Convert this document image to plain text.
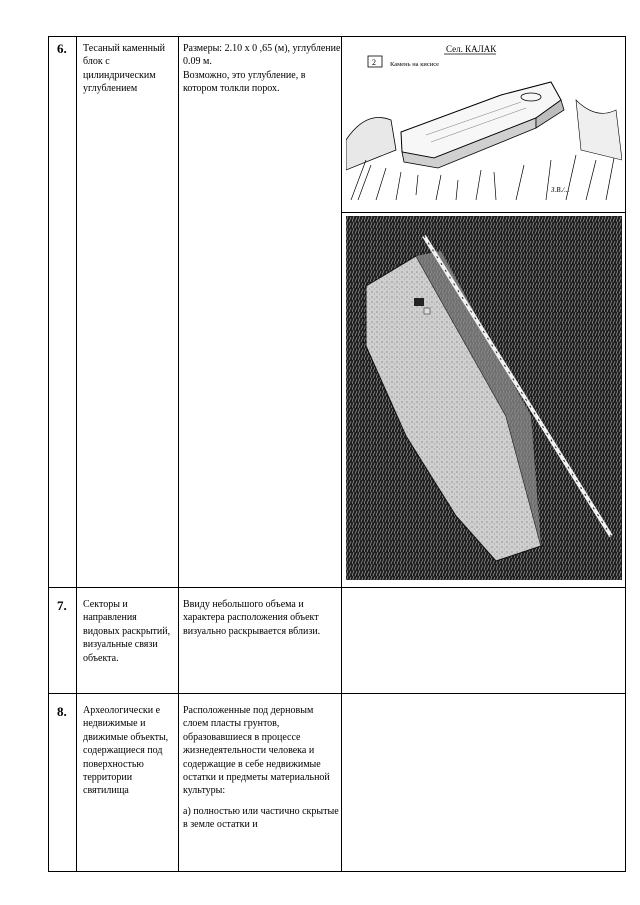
6. Тесаный каменный блок с цилиндрическим углублением
Размеры: 2.10 х 0 ,65 (м), углубление 0.09 м.
Возможно, это углубление, в котором толкли порох.
Сел. КАЛАК
2 Камень на кисисе
З.В./...
7. Секторы и направления видовых раскрытий, визуальные связи объекта.
Ввиду небольшого объема и характера расположения объект визуально раскрывается вблизи.
8. Археологически е недвижимые и движимые объекты, содержащиеся под поверхностью территории святилища
Расположенные под дерновым слоем пласты грунтов, образовавшиеся в процессе жизнедеятельности человека и содержащие в себе недвижимые остатки и предметы материальной культуры:
а) полностью или частично скрытые в земле остатки и
